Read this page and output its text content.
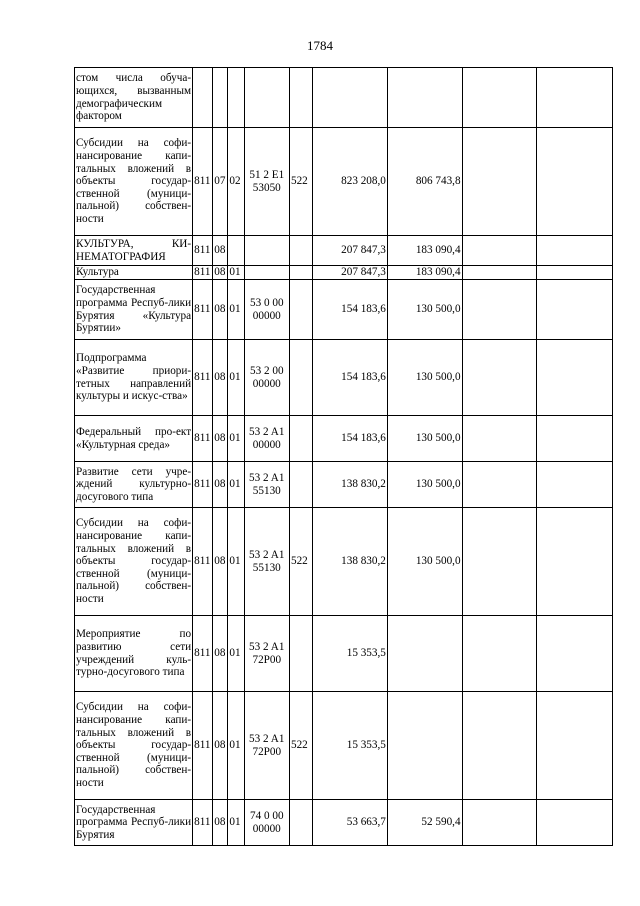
1784
стом числа обуча-ющихся, вызванным демографическим фактором									
Субсидии на софи-нансирование капи-тальных вложений в объекты государ-ственной (муници-пальной) собствен-ности	811	07	02	51 2 E1 53050	522	823 208,0	806 743,8		
КУЛЬТУРА, КИ-НЕМАТОГРАФИЯ	811	08				207 847,3	183 090,4		
Культура	811	08	01			207 847,3	183 090,4		
Государственная программа Респуб-лики Бурятия «Культура Бурятии»	811	08	01	53 0 00 00000		154 183,6	130 500,0		
Подпрограмма «Развитие приори-тетных направлений культуры и искус-ства»	811	08	01	53 2 00 00000		154 183,6	130 500,0		
Федеральный про-ект «Культурная среда»	811	08	01	53 2 A1 00000		154 183,6	130 500,0		
Развитие сети учре-ждений культурно-досугового типа	811	08	01	53 2 A1 55130		138 830,2	130 500,0		
Субсидии на софи-нансирование капи-тальных вложений в объекты государ-ственной (муници-пальной) собствен-ности	811	08	01	53 2 A1 55130	522	138 830,2	130 500,0		
Мероприятие по развитию сети учреждений куль-турно-досугового типа	811	08	01	53 2 A1 72P00		15 353,5			
Субсидии на софи-нансирование капи-тальных вложений в объекты государ-ственной (муници-пальной) собствен-ности	811	08	01	53 2 A1 72P00	522	15 353,5			
Государственная программа Респуб-лики Бурятия	811	08	01	74 0 00 00000		53 663,7	52 590,4		
